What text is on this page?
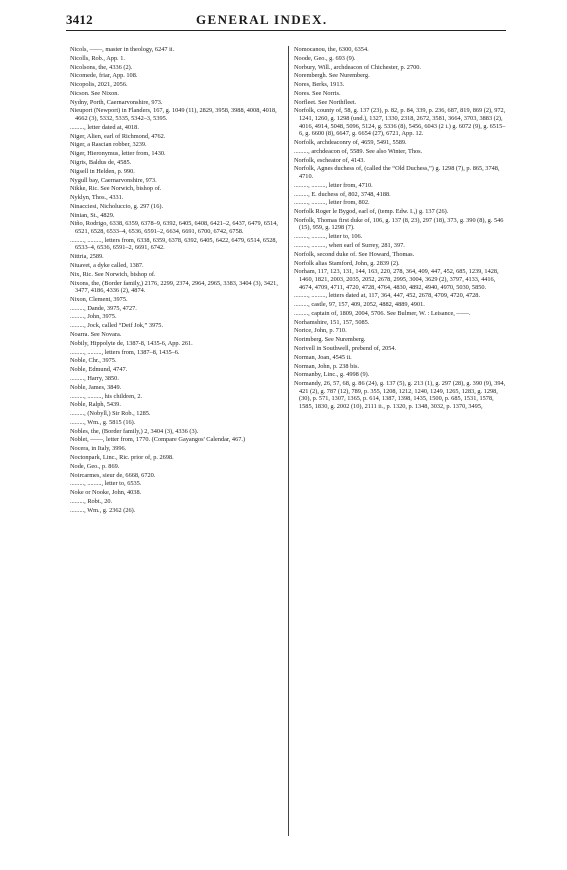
3412	GENERAL INDEX.
Nicols, ——, master in theology, 6247 ii.
Nicolls, Rob., App. 1.
Nicolsons, the, 4336 (2).
Nicomede, friar, App. 108.
Nicopolis, 2021, 2056.
Nicson. See Nixon.
Nydny, Porth, Caernarvonshire, 973.
Nieuport (Newport) in Flanders, 167, g. 1049 (11), 2829, 3958, 3988, 4008, 4018, 4662 (3), 5332, 5335, 5342–3, 5395.
........., letter dated at, 4018.
Niger, Alien, earl of Richmond, 4762.
Niger, a Rascian robber, 3239.
Niger, Hieronymus, letter from, 1430.
Nigris, Baldus de, 4585.
Nigsell in Helden, p. 990.
Nygull bay, Caernarvonshire, 973.
Nikke, Ric. See Norwich, bishop of.
Nyklyn, Thos., 4331.
Ninacciesi, Nicholuccio, g. 297 (16).
Ninian, St., 4829.
Niño, Rodrigo, 6338, 6359, 6378–9, 6392, 6405, 6408, 6421–2, 6437, 6479, 6514, 6521, 6528, 6533–4, 6536, 6591–2, 6634, 6691, 6700, 6742, 6758.
........., ........., letters from, 6338, 6359, 6378, 6392, 6405, 6422, 6479, 6514, 6528, 6533–4, 6536, 6591–2, 6691, 6742.
Nittria, 2589.
Niuavet, a dyke called, 1387.
Nix, Ric. See Norwich, bishop of.
Nixons, the, (Border family,) 2176, 2299, 2374, 2964, 2965, 3383, 3404 (3), 3421, 3477, 4186, 4336 (2), 4874.
Nixon, Clement, 3975.
........., Dande, 3975, 4727.
........., John, 3975.
........., Jock, called “Deif Jok,” 3975.
Noarra. See Novara.
Nobily, Hippolyte de, 1387-8, 1435-6, App. 261.
........., ........., letters from, 1387–8, 1435–6.
Noble, Chr., 3975.
Noble, Edmund, 4747.
........., Harry, 3850.
Noble, James, 3849.
........., ........., his children, 2.
Noble, Ralph, 5439.
........., (Nobyll,) Sir Rob., 1285.
........., Wm., g. 5815 (16).
Nobles, the, (Border family,) 2, 3404 (3), 4336 (3).
Noblet, ——, letter from, 1770. (Compare Gayangos' Calendar, 467.)
Nocera, in Italy, 3996.
Noctonpark, Linc., Ric. prior of, p. 2698.
Node, Geo., p. 869.
Noircarmes, sieur de, 6668, 6720.
........., ........., letter to, 6535.
Noke or Nooke, John, 4038.
........., Robt., 20.
........., Wm., g. 2362 (26).
Nomocanou, the, 6300, 6354.
Noode, Geo., g. 693 (9).
Norbury, Will., archdeacon of Chichester, p. 2700.
Norembergh. See Nuremberg.
Nores, Berks, 1913.
Nores. See Norris.
Norfleet. See Northfleet.
Norfolk, county of, 58, g. 137 (23), p. 82, p. 84, 339, p. 236, 687, 819, 869 (2), 972, 1241, 1260, g. 1298 (und.), 1327, 1330, 2318, 2672, 3581, 3664, 3703, 3883 (2), 4016, 4914, 5048, 5096, 5124, g. 5336 (8), 5456, 6043 (2 i.) g. 6072 (9), g. 6515–6, g. 6600 (8), 6647, g. 6654 (27), 6721, App. 12.
Norfolk, archdeaconry of, 4659, 5491, 5589.
........., archdeacon of, 5589. See also Winter, Thos.
Norfolk, escheator of, 4143.
Norfolk, Agnes duchess of, (called the “Old Duchess,”) g. 1298 (7), p. 865, 3748, 4710.
........., ........., letter from, 4710.
........., E. duchess of, 802, 3748, 4188.
........., ........., letter from, 802.
Norfolk Roger le Bygod, earl of, (temp. Edw. I.,) g. 137 (26).
Norfolk, Thomas first duke of, 106, g. 137 (8, 23), 297 (18), 373, g. 390 (8), g. 546 (15), 959, g. 1298 (7).
........., ........., letter to, 106.
........., ........., when earl of Surrey, 281, 397.
Norfolk, second duke of. See Howard, Thomas.
Norfolk alias Stamford, John, g. 2839 (2).
Norham, 117, 123, 131, 144, 163, 220, 278, 364, 409, 447, 452, 685, 1239, 1428, 1460, 1821, 2003, 2035, 2052, 2678, 2995, 3004, 3629 (2), 3797, 4133, 4416, 4674, 4709, 4711, 4720, 4728, 4764, 4830, 4892, 4940, 4970, 5030, 5850.
........., ........., letters dated at, 117, 364, 447, 452, 2678, 4709, 4720, 4728.
........., castle, 97, 157, 409, 2052, 4882, 4889, 4901.
........., captain of, 1809, 2004, 5706. See Bulmer, W. : Leisance, ——.
Norhamshire, 151, 157, 5085.
Norice, John, p. 710.
Norimberg. See Nuremberg.
Norivell in Southwell, prebend of, 2054.
Norman, Joan, 4545 ii.
Norman, John, p. 238 bis.
Normanby, Linc., g. 4998 (9).
Normandy, 26, 57, 68, g. 86 (24), g. 137 (5), g. 213 (1), g. 297 (28), g. 390 (9), 394, 421 (2), g. 787 (12), 789, p. 355, 1208, 1212, 1240, 1249, 1265, 1283, g. 1298, (30), p. 571, 1307, 1365, p. 614, 1387, 1398, 1435, 1500, p. 685, 1531, 1578, 1585, 1830, g. 2002 (10), 2111 ii., p. 1320, p. 1348, 3032, p. 1370, 3495,
